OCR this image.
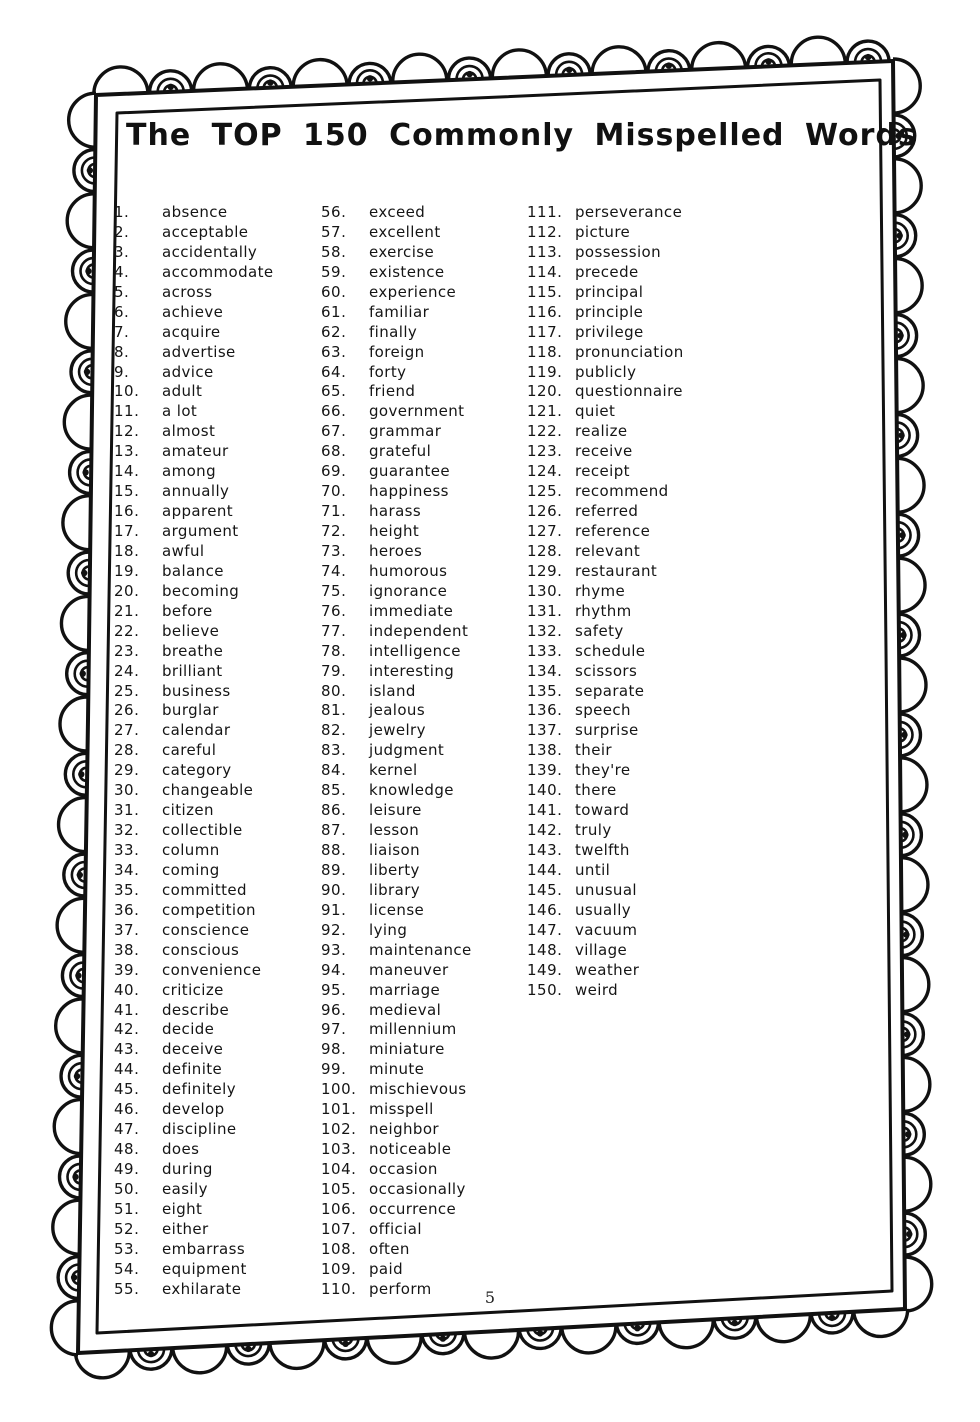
The TOP 150 Commonly Misspelled Words
1. absence
2. acceptable
3. accidentally
4. accommodate
5. across
6. achieve
7. acquire
8. advertise
9. advice
10. adult
11. a lot
12. almost
13. amateur
14. among
15. annually
16. apparent
17. argument
18. awful
19. balance
20. becoming
21. before
22. believe
23. breathe
24. brilliant
25. business
26. burglar
27. calendar
28. careful
29. category
30. changeable
31. citizen
32. collectible
33. column
34. coming
35. committed
36. competition
37. conscience
38. conscious
39. convenience
40. criticize
41. describe
42. decide
43. deceive
44. definite
45. definitely
46. develop
47. discipline
48. does
49. during
50. easily
51. eight
52. either
53. embarrass
54. equipment
55. exhilarate
56. exceed
57. excellent
58. exercise
59. existence
60. experience
61. familiar
62. finally
63. foreign
64. forty
65. friend
66. government
67. grammar
68. grateful
69. guarantee
70. happiness
71. harass
72. height
73. heroes
74. humorous
75. ignorance
76. immediate
77. independent
78. intelligence
79. interesting
80. island
81. jealous
82. jewelry
83. judgment
84. kernel
85. knowledge
86. leisure
87. lesson
88. liaison
89. liberty
90. library
91. license
92. lying
93. maintenance
94. maneuver
95. marriage
96. medieval
97. millennium
98. miniature
99. minute
100. mischievous
101. misspell
102. neighbor
103. noticeable
104. occasion
105. occasionally
106. occurrence
107. official
108. often
109. paid
110. perform
111. perseverance
112. picture
113. possession
114. precede
115. principal
116. principle
117. privilege
118. pronunciation
119. publicly
120. questionnaire
121. quiet
122. realize
123. receive
124. receipt
125. recommend
126. referred
127. reference
128. relevant
129. restaurant
130. rhyme
131. rhythm
132. safety
133. schedule
134. scissors
135. separate
136. speech
137. surprise
138. their
139. they're
140. there
141. toward
142. truly
143. twelfth
144. until
145. unusual
146. usually
147. vacuum
148. village
149. weather
150. weird
5
